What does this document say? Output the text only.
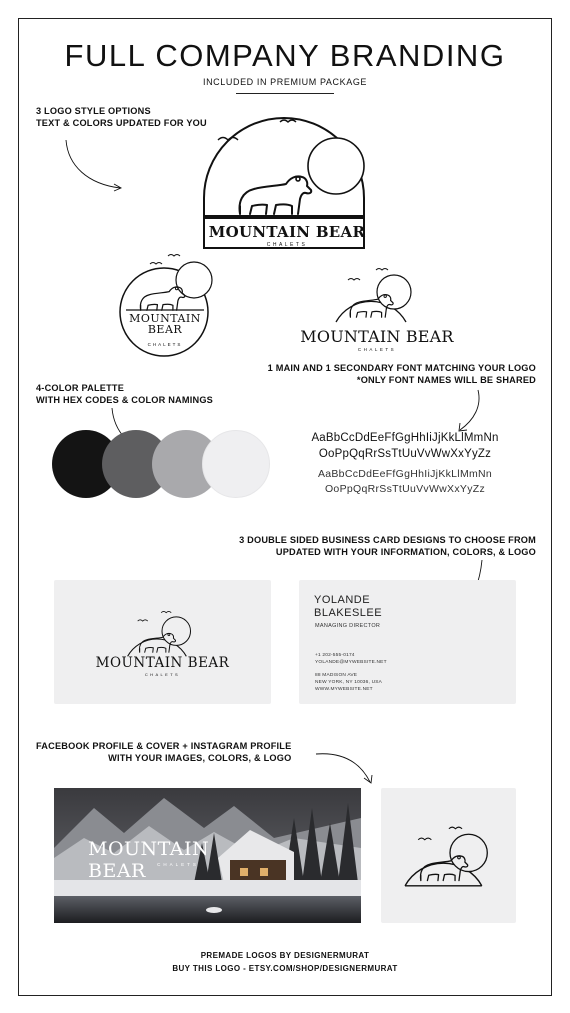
FULL COMPANY BRANDING
INCLUDED IN PREMIUM PACKAGE
3 LOGO STYLE OPTIONS
TEXT & COLORS UPDATED FOR YOU
MOUNTAIN BEAR
CHALETS
MOUNTAIN
BEAR
CHALETS	MOUNTAIN BEAR
CHALETS
1 MAIN AND 1 SECONDARY FONT MATCHING YOUR LOGO
*ONLY FONT NAMES WILL BE SHARED
4-COLOR PALETTE
WITH HEX CODES & COLOR NAMINGS
AaBbCcDdEeFfGgHhIiJjKkLlMmNn
OoPpQqRrSsTtUuVvWwXxYyZz
AaBbCcDdEeFfGgHhIiJjKkLlMmNn
OoPpQqRrSsTtUuVvWwXxYyZz
3 DOUBLE SIDED BUSINESS CARD DESIGNS TO CHOOSE FROM
UPDATED WITH YOUR INFORMATION, COLORS, & LOGO
MOUNTAIN BEAR
CHALETS
YOLANDE
BLAKESLEE
MANAGING DIRECTOR
+1 202-555-0174
YOLANDE@MYWEBSITE.NET
88 MADISON AVE
NEW YORK, NY 10036, USA
WWW.MYWEBSITE.NET
FACEBOOK PROFILE & COVER + INSTAGRAM PROFILE
WITH YOUR IMAGES, COLORS, & LOGO
MOUNTAIN BEAR	CHALETS
PREMADE LOGOS BY DESIGNERMURAT
BUY THIS LOGO - ETSY.COM/SHOP/DESIGNERMURAT
